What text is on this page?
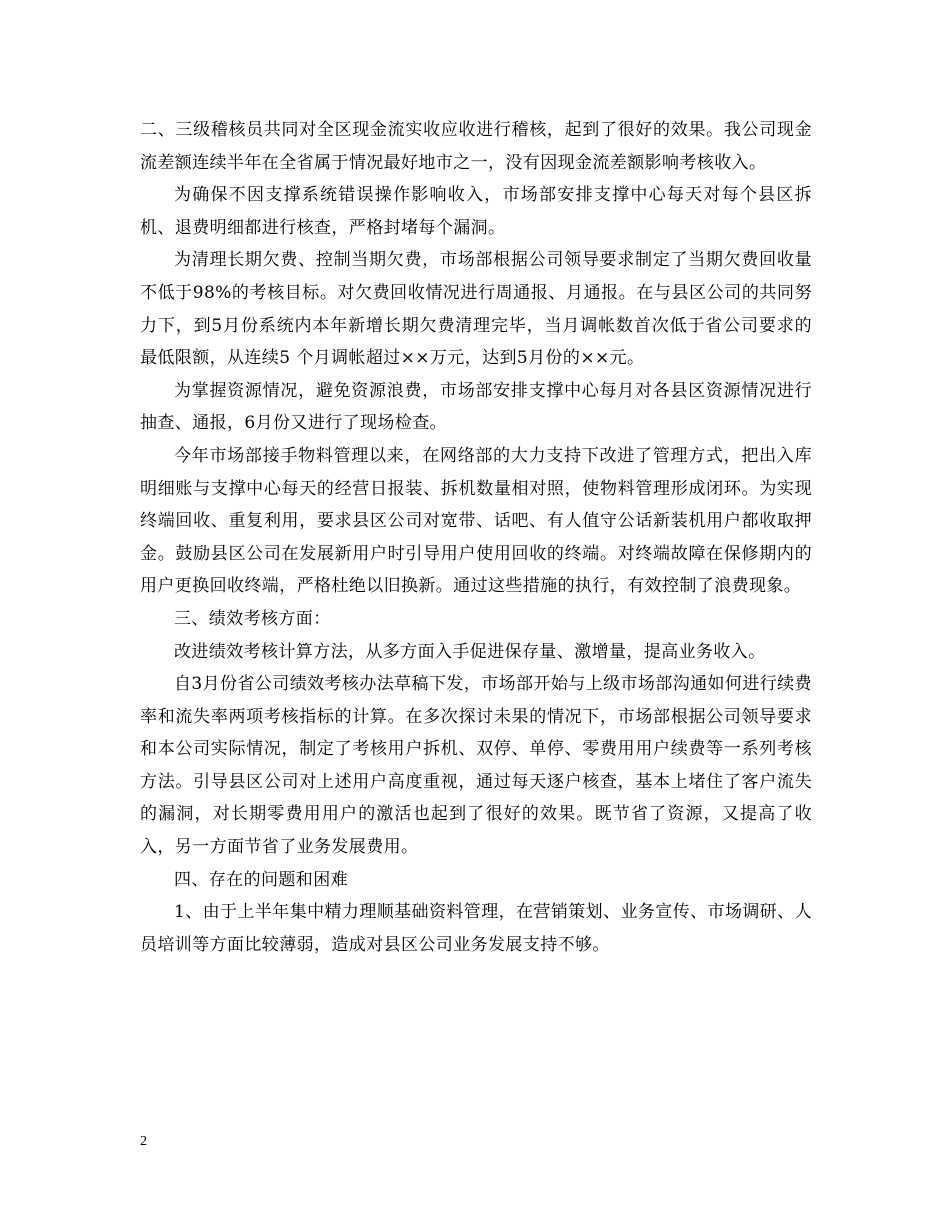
二、三级稽核员共同对全区现金流实收应收进行稽核，起到了很好的效果。我公司现金流差额连续半年在全省属于情况最好地市之一，没有因现金流差额影响考核收入。

为确保不因支撑系统错误操作影响收入，市场部安排支撑中心每天对每个县区拆机、退费明细都进行核查，严格封堵每个漏洞。

为清理长期欠费、控制当期欠费，市场部根据公司领导要求制定了当期欠费回收量不低于98%的考核目标。对欠费回收情况进行周通报、月通报。在与县区公司的共同努力下，到5月份系统内本年新增长期欠费清理完毕，当月调帐数首次低于省公司要求的最低限额，从连续5 个月调帐超过××万元，达到5月份的××元。

为掌握资源情况，避免资源浪费，市场部安排支撑中心每月对各县区资源情况进行抽查、通报，6月份又进行了现场检查。

今年市场部接手物料管理以来，在网络部的大力支持下改进了管理方式，把出入库明细账与支撑中心每天的经营日报装、拆机数量相对照，使物料管理形成闭环。为实现终端回收、重复利用，要求县区公司对宽带、话吧、有人值守公话新装机用户都收取押金。鼓励县区公司在发展新用户时引导用户使用回收的终端。对终端故障在保修期内的用户更换回收终端，严格杜绝以旧换新。通过这些措施的执行，有效控制了浪费现象。

三、绩效考核方面：

改进绩效考核计算方法，从多方面入手促进保存量、激增量，提高业务收入。

自3月份省公司绩效考核办法草稿下发，市场部开始与上级市场部沟通如何进行续费率和流失率两项考核指标的计算。在多次探讨未果的情况下，市场部根据公司领导要求和本公司实际情况，制定了考核用户拆机、双停、单停、零费用用户续费等一系列考核方法。引导县区公司对上述用户高度重视，通过每天逐户核查，基本上堵住了客户流失的漏洞，对长期零费用用户的激活也起到了很好的效果。既节省了资源，又提高了收入，另一方面节省了业务发展费用。

四、存在的问题和困难

1、由于上半年集中精力理顺基础资料管理，在营销策划、业务宣传、市场调研、人员培训等方面比较薄弱，造成对县区公司业务发展支持不够。

2
